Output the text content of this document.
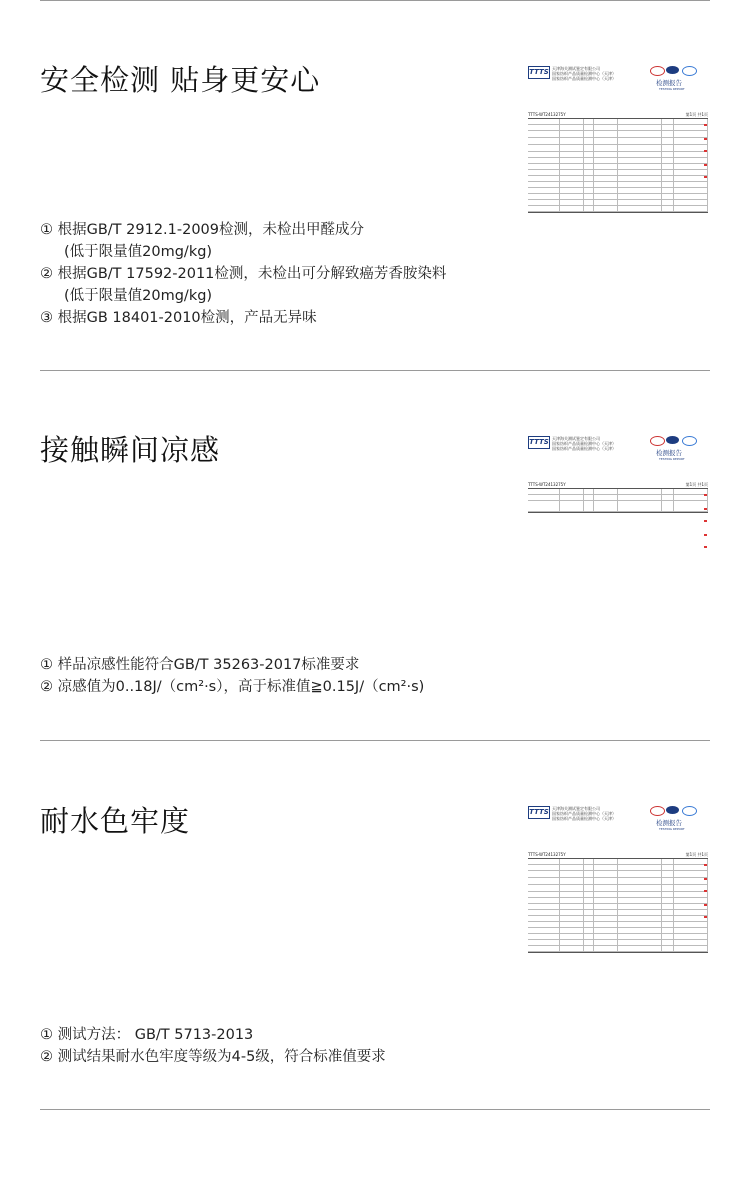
安全检测 贴身更安心
① 根据GB/T 2912.1-2009检测，未检出甲醛成分
(低于限量值20mg/kg)
② 根据GB/T 17592-2011检测，未检出可分解致癌芳香胺染料
(低于限量值20mg/kg)
③ 根据GB 18401-2010检测，产品无异味
TTTS 天津海关测试鉴定有限公司
国家纺织产品质量检测中心（天津）
国家纺织产品质量检测中心（天津）
检测报告
TESTING REPORT
TTTS-WT2413275Y	第1页 共1页
接触瞬间凉感
① 样品凉感性能符合GB/T 35263-2017标准要求
② 凉感值为0..18J/（cm²·s），高于标准值≧0.15J/（cm²·s)
TTTS 天津海关测试鉴定有限公司
国家纺织产品质量检测中心（天津）
国家纺织产品质量检测中心（天津）
检测报告
TESTING REPORT
TTTS-WT2413275Y	第1页 共1页
耐水色牢度
① 测试方法： GB/T 5713-2013
② 测试结果耐水色牢度等级为4-5级，符合标准值要求
TTTS 天津海关测试鉴定有限公司
国家纺织产品质量检测中心（天津）
国家纺织产品质量检测中心（天津）
检测报告
TESTING REPORT
TTTS-WT2413275Y	第1页 共1页
